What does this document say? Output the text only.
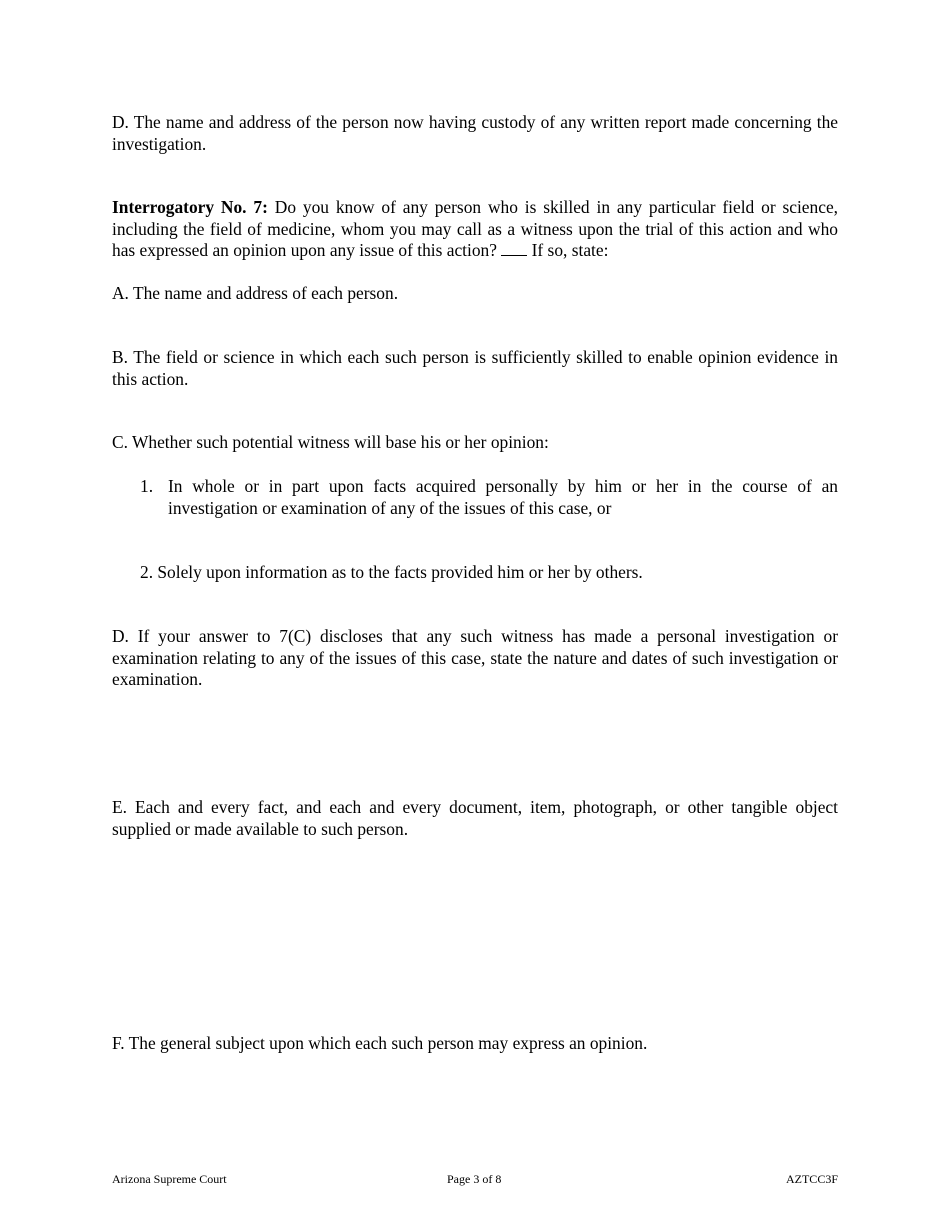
D. The name and address of the person now having custody of any written report made concerning the investigation.

Interrogatory No. 7: Do you know of any person who is skilled in any particular field or science, including the field of medicine, whom you may call as a witness upon the trial of this action and who has expressed an opinion upon any issue of this action?  If so, state:

A. The name and address of each person.

B. The field or science in which each such person is sufficiently skilled to enable opinion evidence in this action.

C. Whether such potential witness will base his or her opinion:

1. In whole or in part upon facts acquired personally by him or her in the course of an investigation or examination of any of the issues of this case, or
2. Solely upon information as to the facts provided him or her by others.

D. If your answer to 7(C) discloses that any such witness has made a personal investigation or examination relating to any of the issues of this case, state the nature and dates of such investigation or examination.

E. Each and every fact, and each and every document, item, photograph, or other tangible object supplied or made available to such person.

F. The general subject upon which each such person may express an opinion.

Arizona Supreme Court	Page 3 of 8	AZTCC3F
